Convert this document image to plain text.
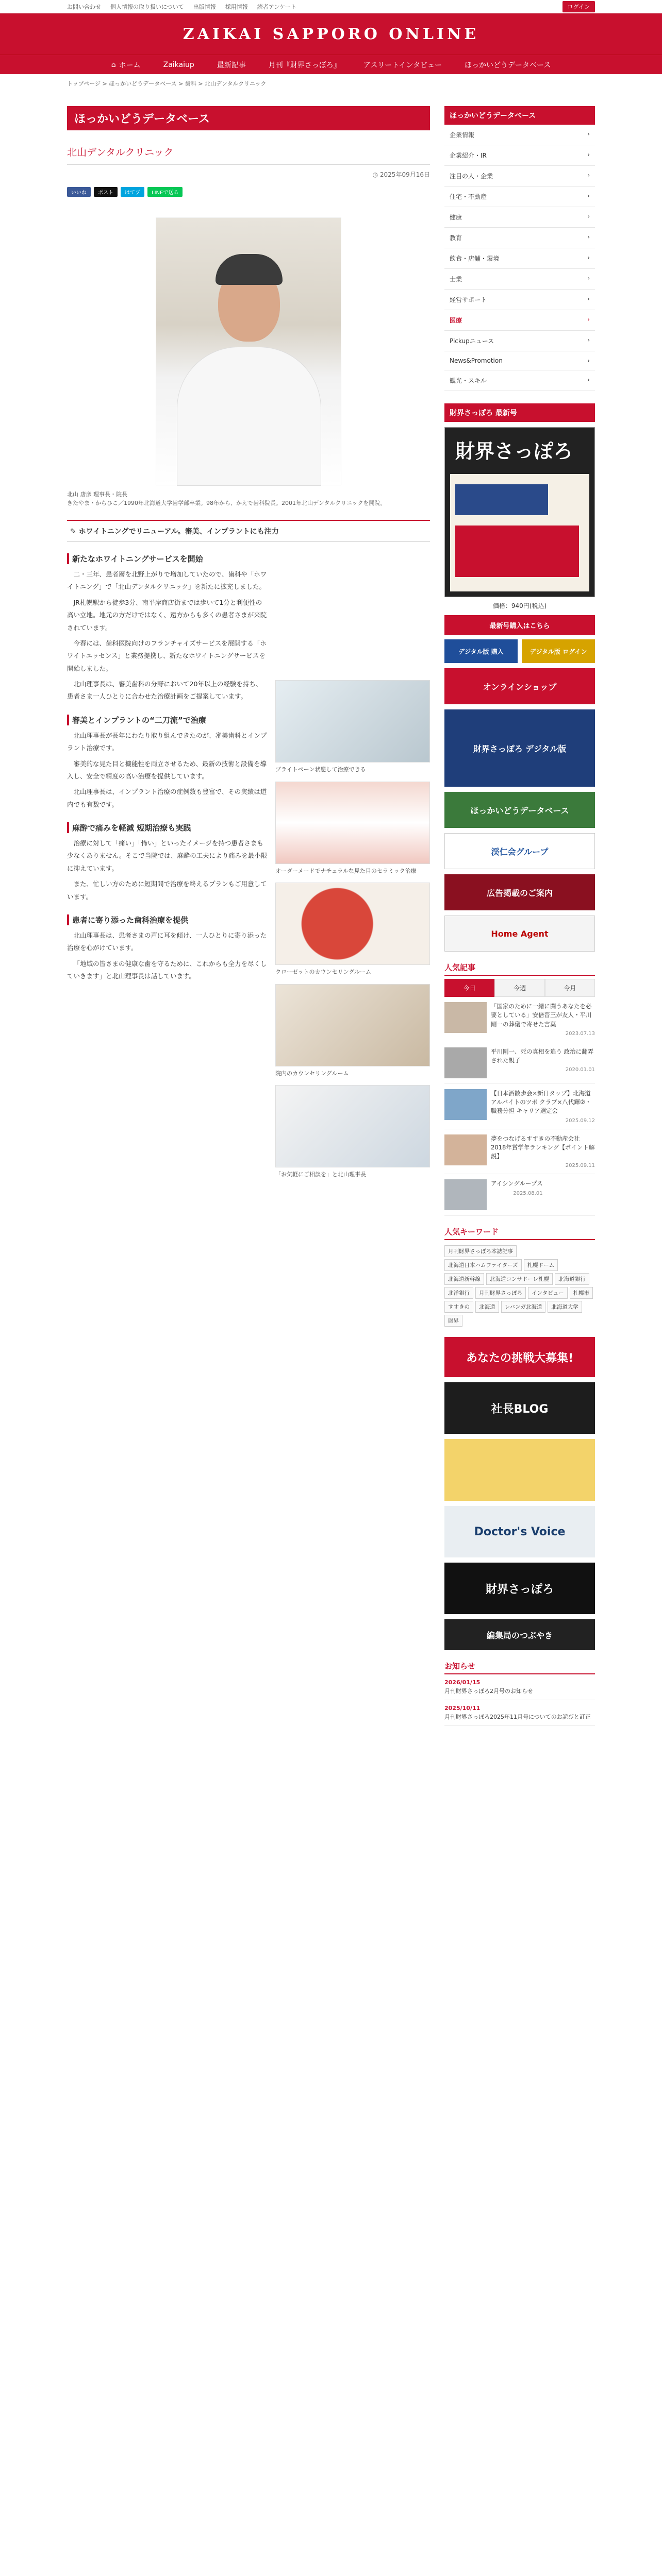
お問い合わせ 個人情報の取り扱いについて 出版情報 採用情報 読者アンケート	ログイン
ZAIKAI SAPPORO ONLINE
⌂ ホーム	Zaikaiup	最新記事	月刊『財界さっぽろ』	アスリートインタビュー	ほっかいどうデータベース
トップページ > ほっかいどうデータベース > 歯科 > 北山デンタルクリニック
ほっかいどうデータベース
北山デンタルクリニック
◷ 2025年09月16日
いいね	ポスト	はてブ	LINEで送る
北山 唐彦 理事長・院長
きたやま・からひこ／1990年北海道大学歯学部卒業。98年から、かえで歯科院長。2001年北山デンタルクリニックを開院。
✎ ホワイトニングでリニューアル。審美、インプラントにも注力
ブライトペーン状態して治療できる
オーダーメードでナチュラルな見た目のセラミック治療
クローゼットのカウンセリングルーム
院内のカウンセリングルーム
「お気軽にご相談を」と北山理事長
新たなホワイトニングサービスを開始

二・三年、患者層を北野上がりで増加していたので、歯科や「ホワイトニング」で「北山デンタルクリニック」を新たに拡充しました。

JR札幌駅から徒歩3分、南平岸商店街までは歩いて1分と利便性の高い立地。地元の方だけではなく、遠方からも多くの患者さまが来院されています。

今春には、歯科医院向けのフランチャイズサービスを展開する「ホワイトエッセンス」と業務提携し、新たなホワイトニングサービスを開始しました。

北山理事長は、審美歯科の分野において20年以上の経験を持ち、患者さま一人ひとりに合わせた治療計画をご提案しています。

審美とインプラントの“二刀流”で治療

北山理事長が長年にわたり取り組んできたのが、審美歯科とインプラント治療です。

審美的な見た目と機能性を両立させるため、最新の技術と設備を導入し、安全で精度の高い治療を提供しています。

北山理事長は、インプラント治療の症例数も豊富で、その実績は道内でも有数です。

麻酔で痛みを軽減 短期治療も実践

治療に対して「痛い」「怖い」といったイメージを持つ患者さまも少なくありません。そこで当院では、麻酔の工夫により痛みを最小限に抑えています。

また、忙しい方のために短期間で治療を終えるプランもご用意しています。

患者に寄り添った歯科治療を提供

北山理事長は、患者さまの声に耳を傾け、一人ひとりに寄り添った治療を心がけています。

「地域の皆さまの健康な歯を守るために、これからも全力を尽くしていきます」と北山理事長は話しています。

ほっかいどうデータベース
企業情報	›
企業紹介・IR	›
注目の人・企業	›
住宅・不動産	›
健康	›
教育	›
飲食・店舗・環境	›
士業	›
経営サポート	›
医療	›
Pickupニュース	›
News&Promotion	›
観光・スキル	›
財界さっぽろ 最新号
財界さっぽろ
価格：940円(税込)
最新号購入はこちら
デジタル版 購入	デジタル版 ログイン
オンラインショップ
財界さっぽろ デジタル版
ほっかいどうデータベース
渓仁会グループ
広告掲載のご案内
Home Agent
人気記事
今日	今週	今月
「国家のために一緒に闘うあなたを必要としている」安倍晋三が友人・平川剛一の葬儀で寄せた言葉
2023.07.13
平川剛一、死の真相を追う 政治に翻弄された親子
2020.01.01
【日本酒散歩会×新日タップ】北海道アルバイトのツボ クラブ×八代輝②・職務分担 キャリア選定会
2025.09.12
夢をつなげるすすきの不動産会社 2018年賞学年ランキング【ポイント解説】
2025.09.11
アイシングループス
2025.08.01
人気キーワード
月刊財界さっぽろ本誌記事
北海道日本ハムファイターズ	札幌ドーム
北海道新幹線	北海道コンサドーレ札幌	北海道銀行
北洋銀行	月刊財界さっぽろ	インタビュー	札幌市
すすきの	北海道	レバンガ北海道	北海道大学
財界
あなたの挑戦大募集!
社長BLOG
Doctor's Voice
財界さっぽろ
編集局のつぶやき
お知らせ
2026/01/15
月刊財界さっぽろ2月号のお知らせ
2025/10/11
月刊財界さっぽろ2025年11月号についてのお詫びと訂正
